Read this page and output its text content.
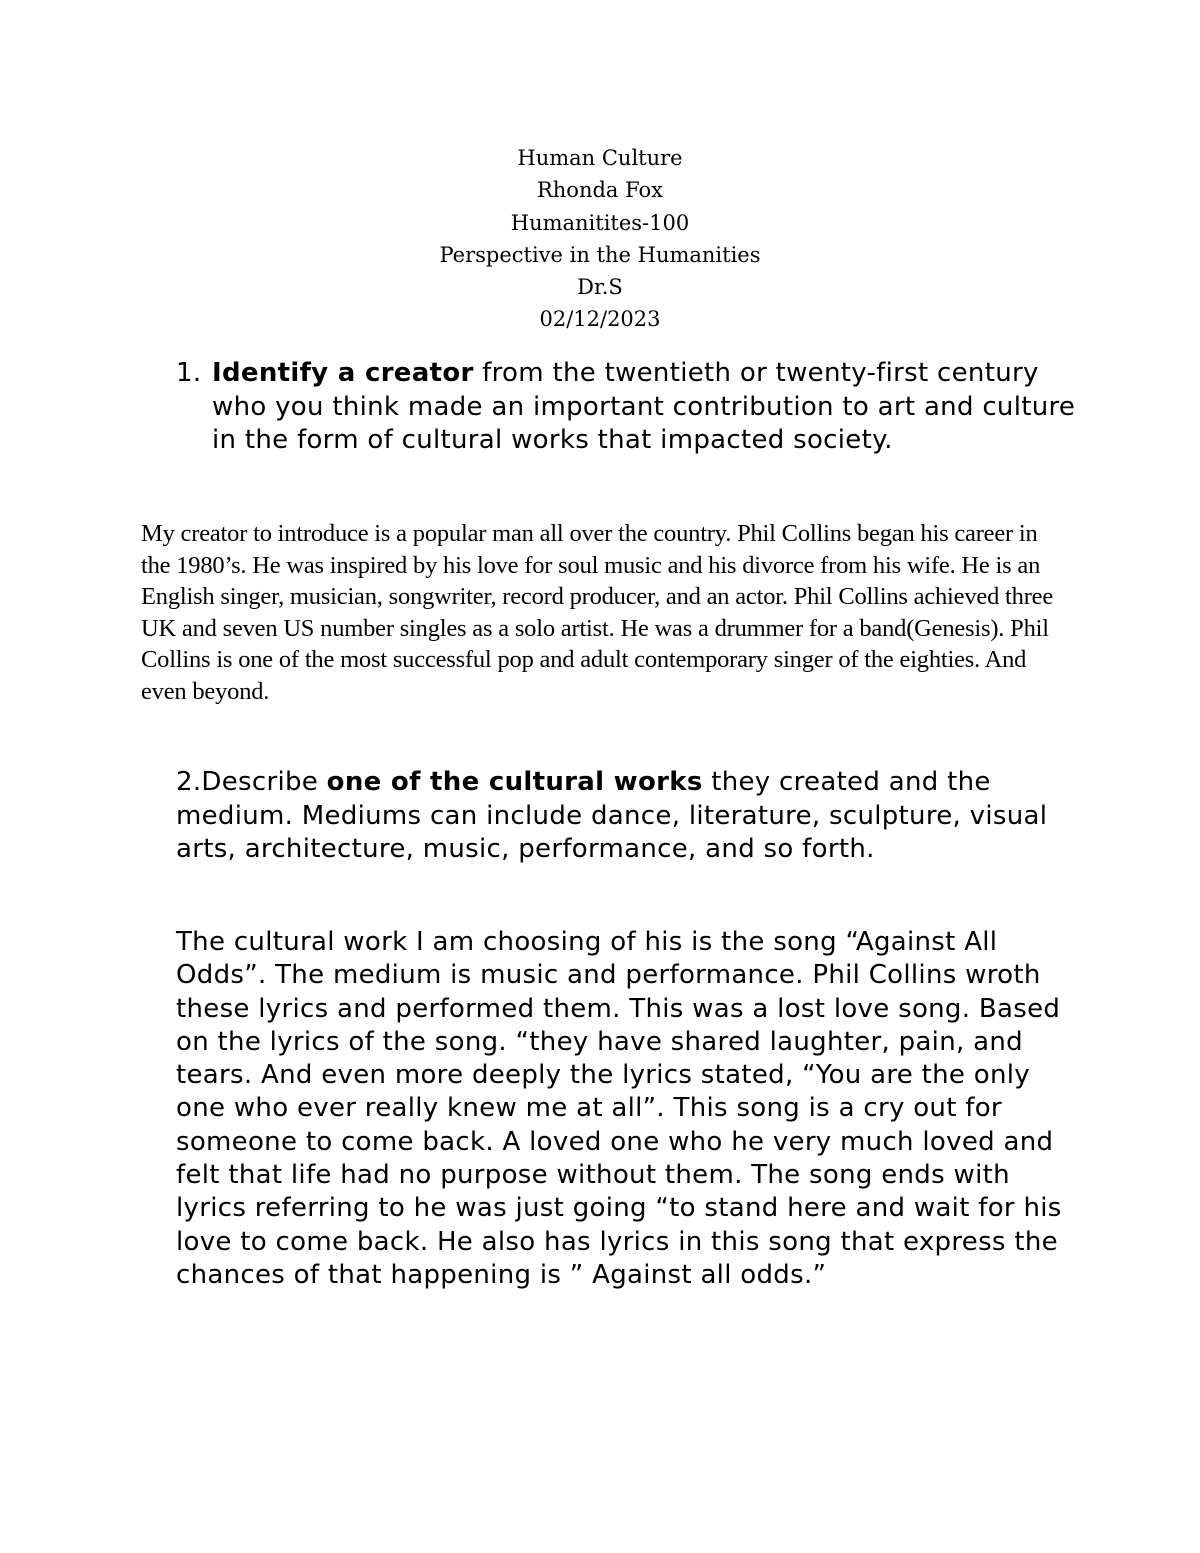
Human Culture
Rhonda Fox
Humanitites-100
Perspective in the Humanities
Dr.S
02/12/2023
1. Identify a creator from the twentieth or twenty-first century who you think made an important contribution to art and culture in the form of cultural works that impacted society.
My creator to introduce is a popular man all over the country. Phil Collins began his career in the 1980’s. He was inspired by his love for soul music and his divorce from his wife. He is an English singer, musician, songwriter, record producer, and an actor. Phil Collins achieved three UK and seven US number singles as a solo artist. He was a drummer for a band(Genesis). Phil Collins is one of the most successful pop and adult contemporary singer of the eighties. And even beyond.
2.Describe one of the cultural works they created and the medium. Mediums can include dance, literature, sculpture, visual arts, architecture, music, performance, and so forth.
The cultural work I am choosing of his is the song “Against All Odds”. The medium is music and performance. Phil Collins wroth these lyrics and performed them. This was a lost love song. Based on the lyrics of the song. “they have shared laughter, pain, and tears. And even more deeply the lyrics stated, “You are the only one who ever really knew me at all”. This song is a cry out for someone to come back. A loved one who he very much loved and felt that life had no purpose without them. The song ends with lyrics referring to he was just going “to stand here and wait for his love to come back. He also has lyrics in this song that express the chances of that happening is ” Against all odds.”
